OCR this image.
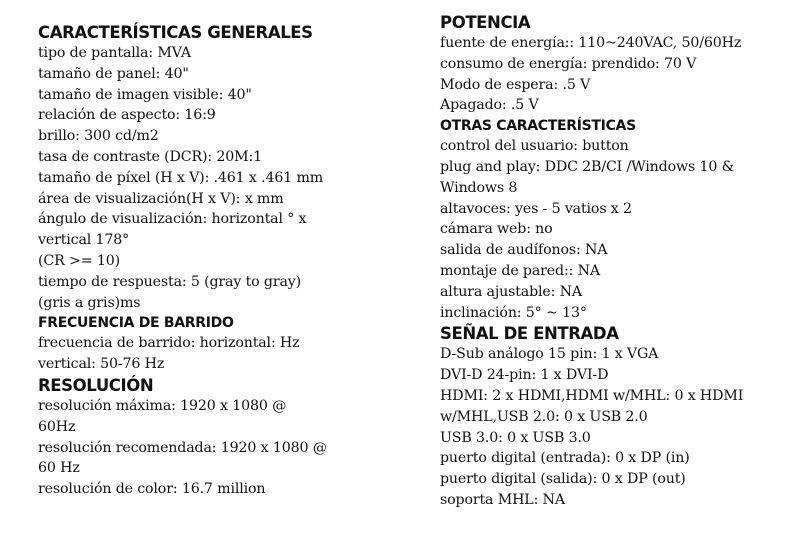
CARACTERÍSTICAS GENERALES
tipo de pantalla: MVA
tamaño de panel: 40"
tamaño de imagen visible: 40"
relación de aspecto: 16:9
brillo: 300 cd/m2
tasa de contraste (DCR): 20M:1
tamaño de píxel (H x V): .461 x .461 mm
área de visualización(H x V): x mm
ángulo de visualización: horizontal ° x vertical 178°
(CR >= 10)
tiempo de respuesta: 5 (gray to gray) (gris a gris)ms
FRECUENCIA DE BARRIDO
frecuencia de barrido: horizontal: Hz
vertical: 50-76 Hz
RESOLUCIÓN
resolución máxima: 1920 x 1080 @ 60Hz
resolución recomendada: 1920 x 1080 @ 60 Hz
resolución de color: 16.7 million
POTENCIA
fuente de energía:: 110~240VAC, 50/60Hz
consumo de energía: prendido: 70 V
Modo de espera: .5 V
Apagado: .5 V
OTRAS CARACTERÍSTICAS
control del usuario: button
plug and play: DDC 2B/CI /Windows 10 & Windows 8
altavoces: yes - 5 vatios x 2
cámara web: no
salida de audífonos: NA
montaje de pared:: NA
altura ajustable: NA
inclinación: 5° ~ 13°
SEÑAL DE ENTRADA
D-Sub análogo 15 pin: 1 x VGA
DVI-D 24-pin: 1 x DVI-D
HDMI: 2 x HDMI,HDMI w/MHL: 0 x HDMI w/MHL,USB 2.0: 0 x USB 2.0
USB 3.0: 0 x USB 3.0
puerto digital (entrada): 0 x DP (in)
puerto digital (salida): 0 x DP (out)
soporta MHL: NA
